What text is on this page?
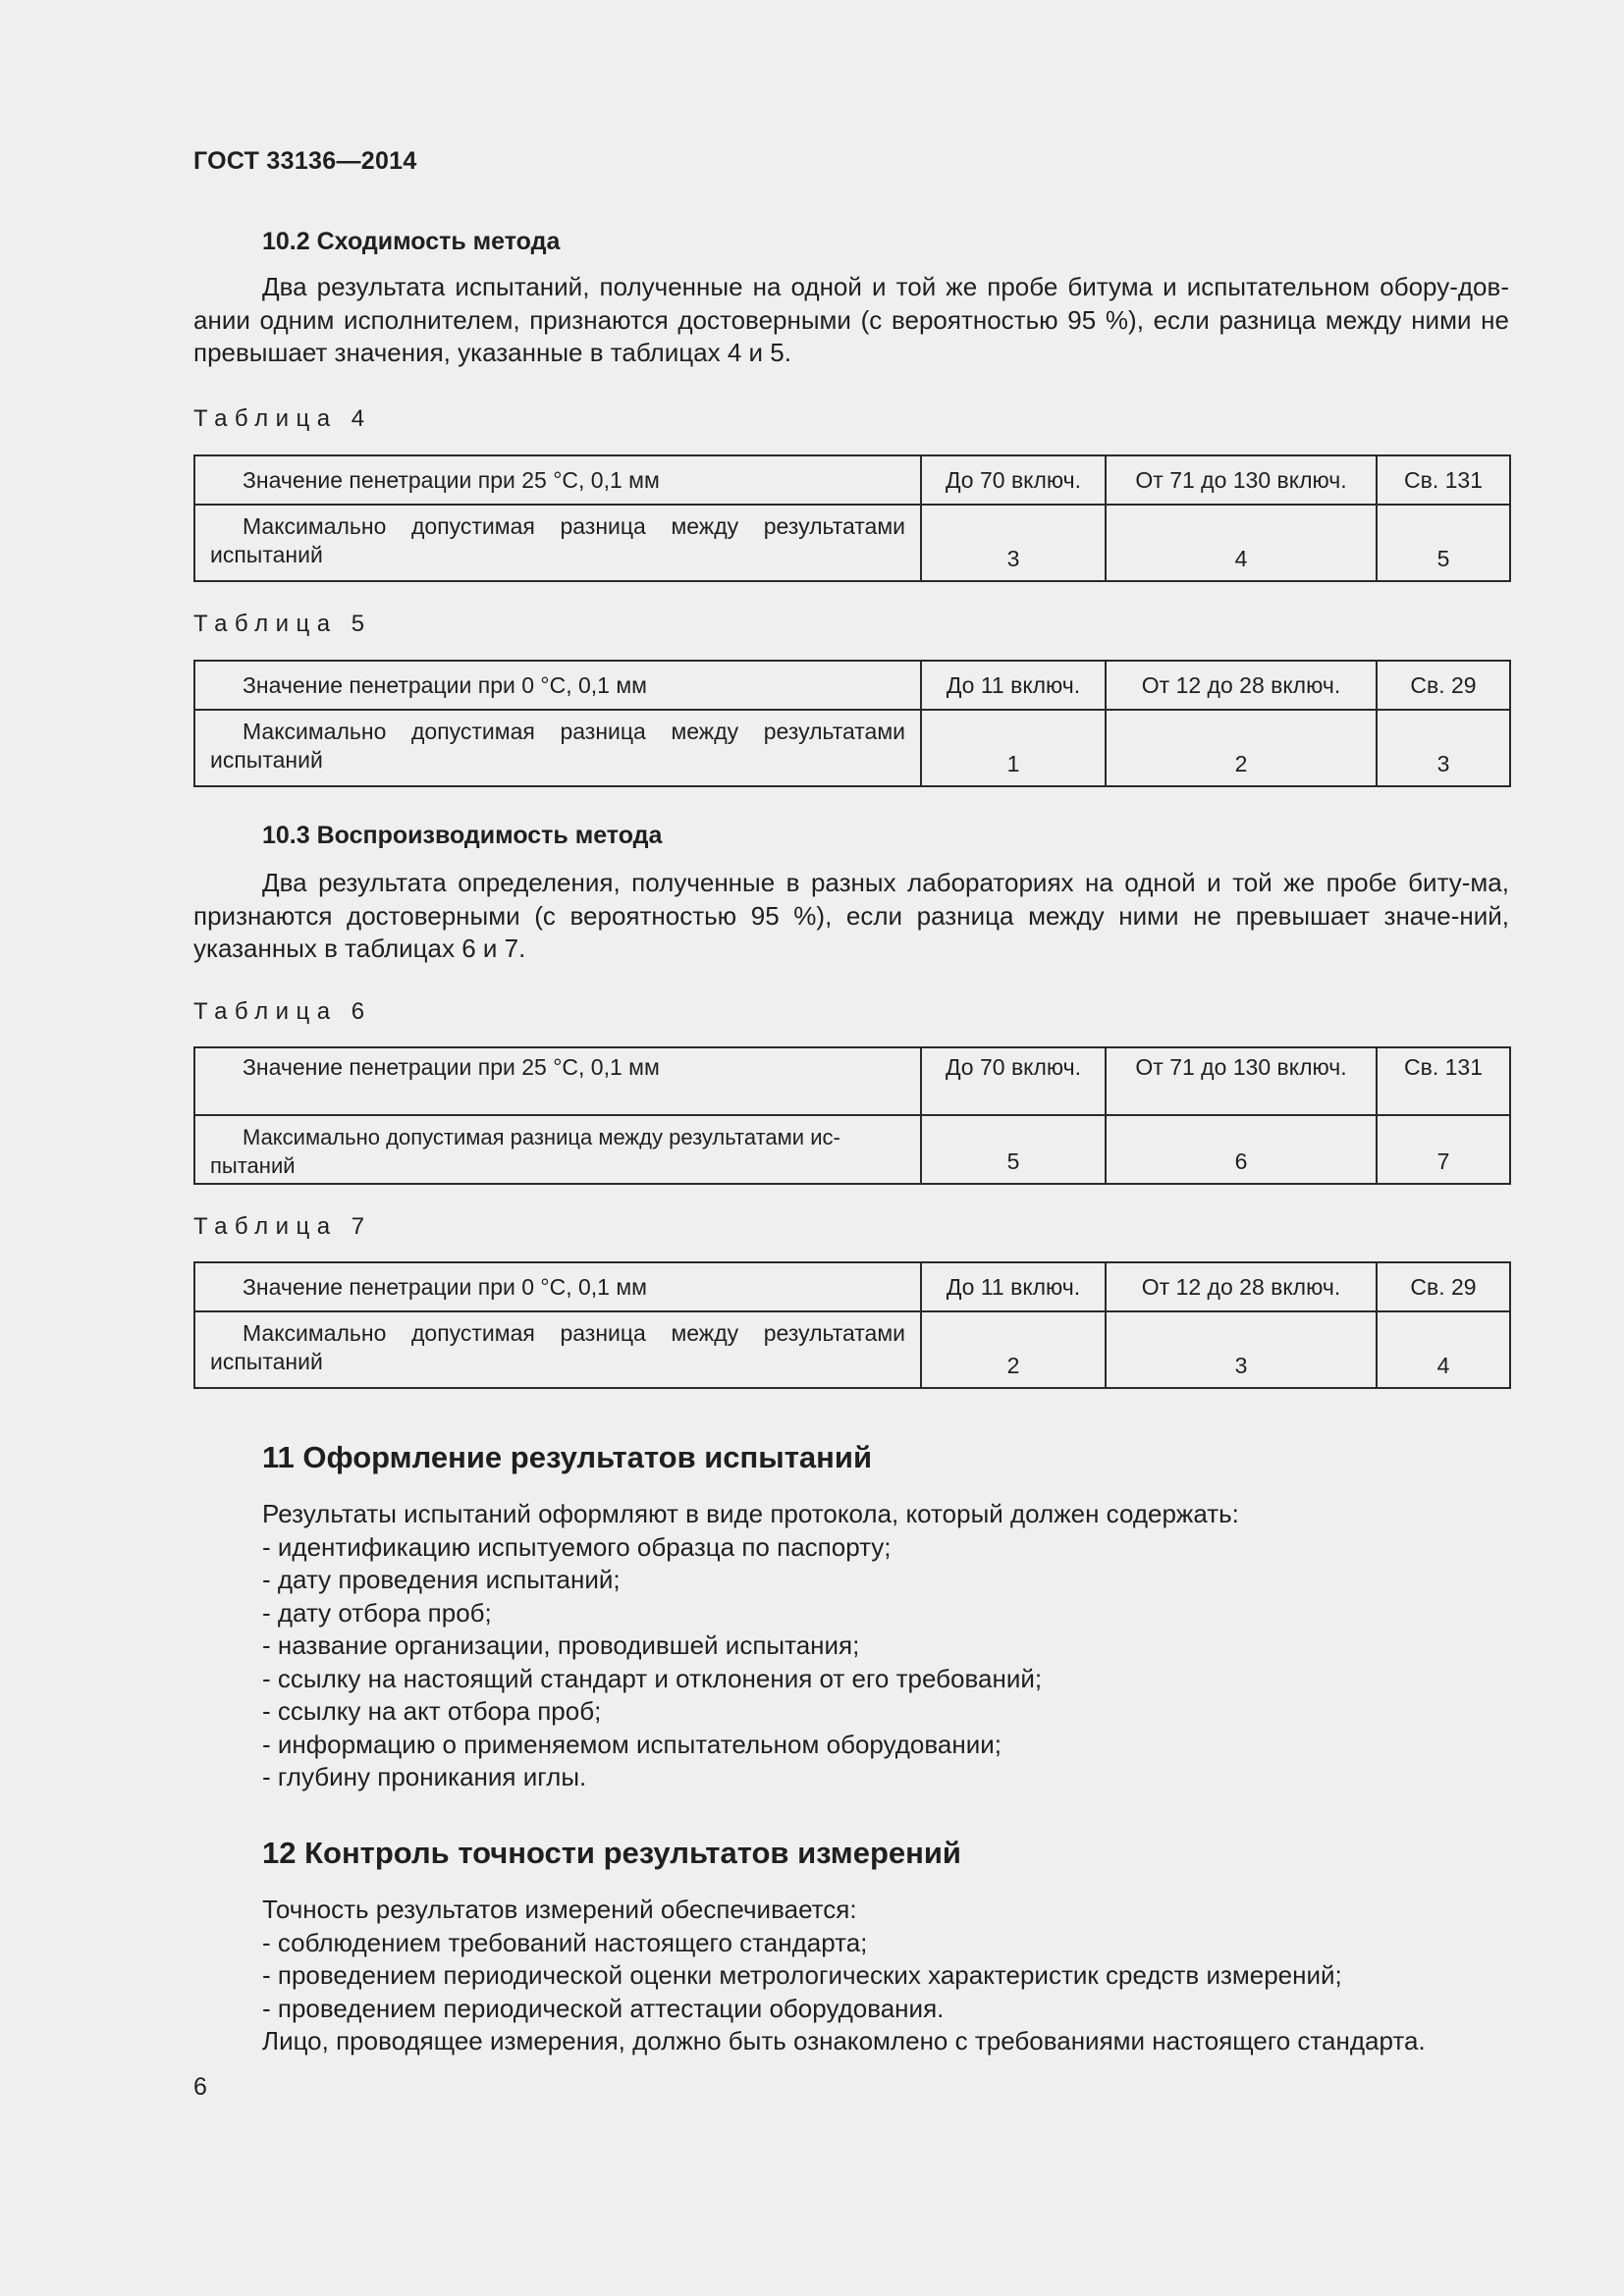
ГОСТ 33136—2014
10.2 Сходимость метода

Два результата испытаний, полученные на одной и той же пробе битума и испытательном обору-довании одним исполнителем, признаются достоверными (с вероятностью 95 %), если разница между ними не превышает значения, указанные в таблицах 4 и 5.

Таблица 4
Значение пенетрации при 25 °С, 0,1 мм	До 70 включ.	От 71 до 130 включ.	Св. 131
Максимально допустимая разница между результатами испытаний	3	4	5
Таблица 5
Значение пенетрации при 0 °С, 0,1 мм	До 11 включ.	От 12 до 28 включ.	Св. 29
Максимально допустимая разница между результатами испытаний	1	2	3
10.3 Воспроизводимость метода

Два результата определения, полученные в разных лабораториях на одной и той же пробе биту-ма, признаются достоверными (с вероятностью 95 %), если разница между ними не превышает значе-ний, указанных в таблицах 6 и 7.

Таблица 6
Значение пенетрации при 25 °С, 0,1 мм	До 70 включ.	От 71 до 130 включ.	Св. 131
Максимально допустимая разница между результатами ис-пытаний	5	6	7
Таблица 7
Значение пенетрации при 0 °С, 0,1 мм	До 11 включ.	От 12 до 28 включ.	Св. 29
Максимально допустимая разница между результатами испытаний	2	3	4
11 Оформление результатов испытаний
Результаты испытаний оформляют в виде протокола, который должен содержать:
- идентификацию испытуемого образца по паспорту;
- дату проведения испытаний;
- дату отбора проб;
- название организации, проводившей испытания;
- ссылку на настоящий стандарт и отклонения от его требований;
- ссылку на акт отбора проб;
- информацию о применяемом испытательном оборудовании;
- глубину проникания иглы.
12 Контроль точности результатов измерений
Точность результатов измерений обеспечивается:
- соблюдением требований настоящего стандарта;
- проведением периодической оценки метрологических характеристик средств измерений;
- проведением периодической аттестации оборудования.
Лицо, проводящее измерения, должно быть ознакомлено с требованиями настоящего стандарта.
6
